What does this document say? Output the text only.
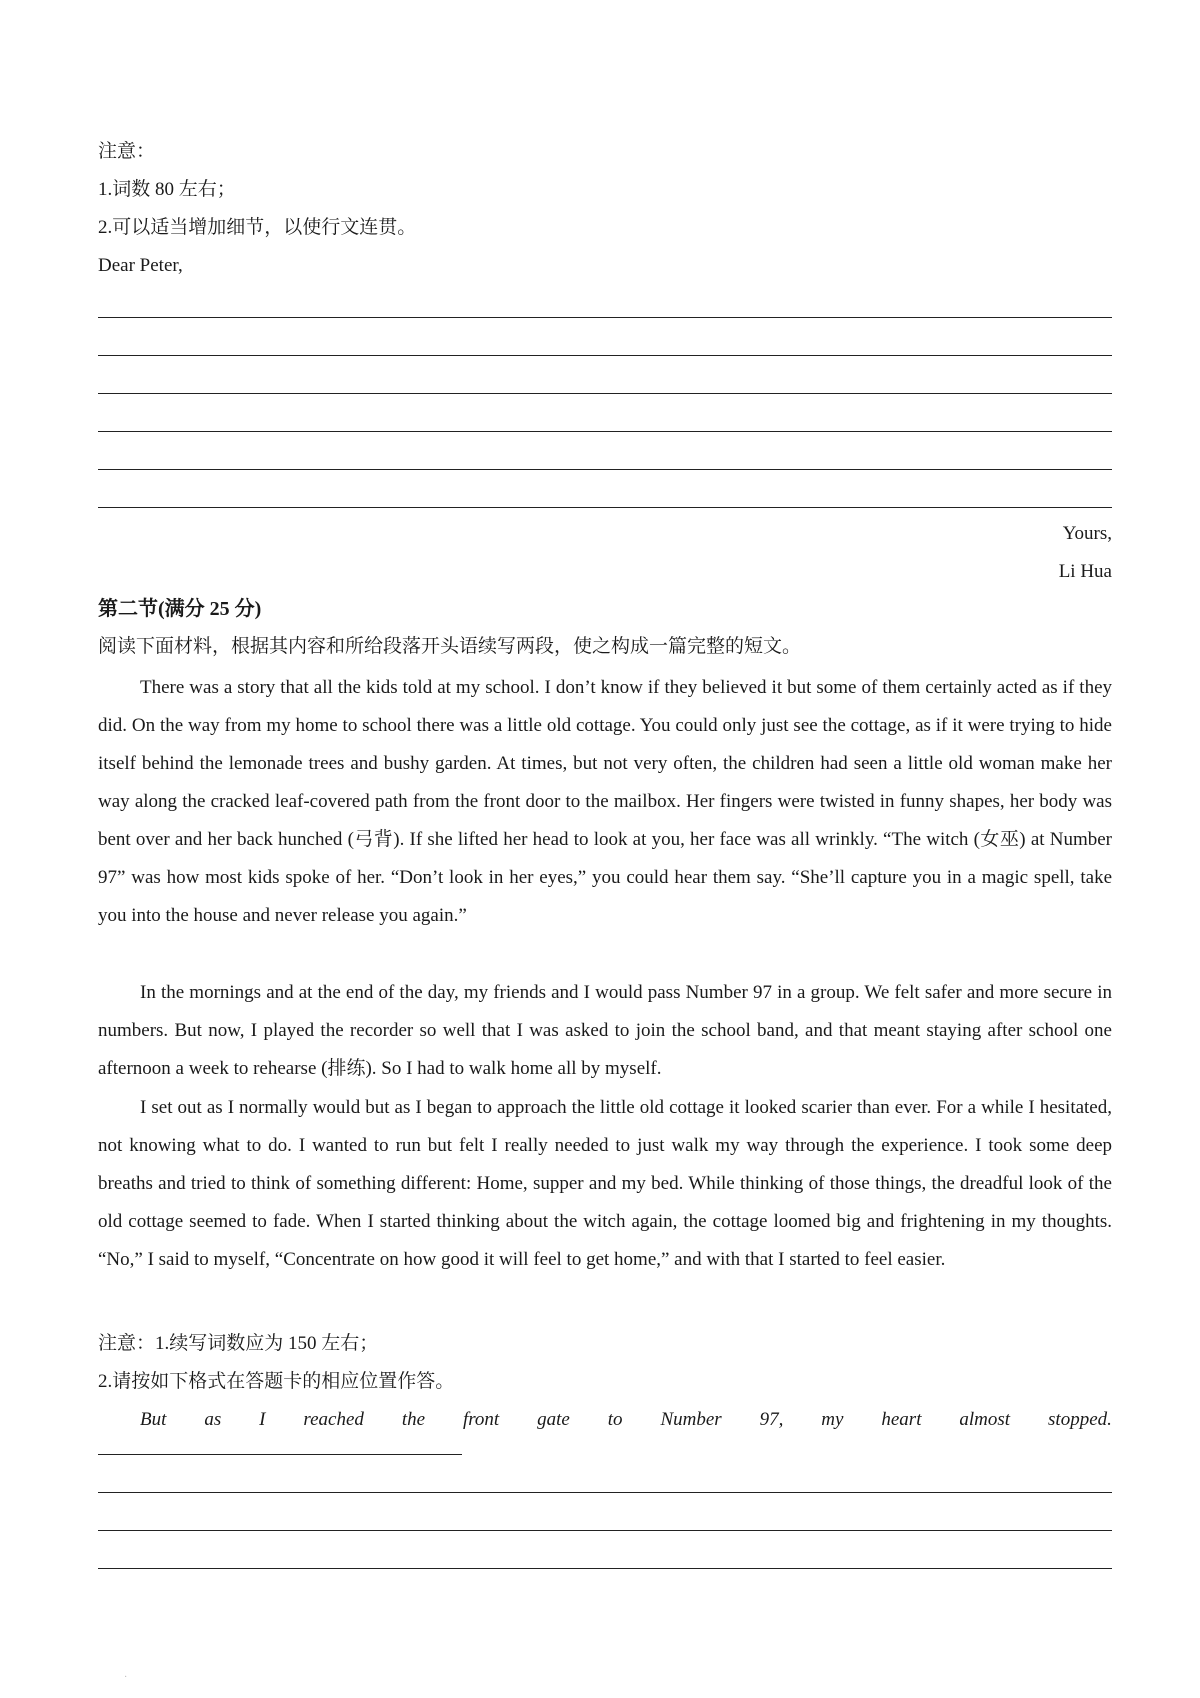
注意：
1.词数 80 左右；
2.可以适当增加细节，以使行文连贯。
Dear Peter,
Yours,
Li Hua
第二节(满分 25 分)
阅读下面材料，根据其内容和所给段落开头语续写两段，使之构成一篇完整的短文。
There was a story that all the kids told at my school. I don’t know if they believed it but some of them certainly acted as if they did. On the way from my home to school there was a little old cottage. You could only just see the cottage, as if it were trying to hide itself behind the lemonade trees and bushy garden. At times, but not very often, the children had seen a little old woman make her way along the cracked leaf-covered path from the front door to the mailbox. Her fingers were twisted in funny shapes, her body was bent over and her back hunched (弓背). If she lifted her head to look at you, her face was all wrinkly. “The witch (女巫) at Number 97” was how most kids spoke of her. “Don’t look in her eyes,” you could hear them say. “She’ll capture you in a magic spell, take you into the house and never release you again.”
In the mornings and at the end of the day, my friends and I would pass Number 97 in a group. We felt safer and more secure in numbers. But now, I played the recorder so well that I was asked to join the school band, and that meant staying after school one afternoon a week to rehearse (排练). So I had to walk home all by myself.
I set out as I normally would but as I began to approach the little old cottage it looked scarier than ever. For a while I hesitated, not knowing what to do. I wanted to run but felt I really needed to just walk my way through the experience. I took some deep breaths and tried to think of something different: Home, supper and my bed. While thinking of those things, the dreadful look of the old cottage seemed to fade. When I started thinking about the witch again, the cottage loomed big and frightening in my thoughts. “No,” I said to myself, “Concentrate on how good it will feel to get home,” and with that I started to feel easier.
注意：1.续写词数应为 150 左右；
2.请按如下格式在答题卡的相应位置作答。
But as I reached the front gate to Number 97, my heart almost stopped.
·
